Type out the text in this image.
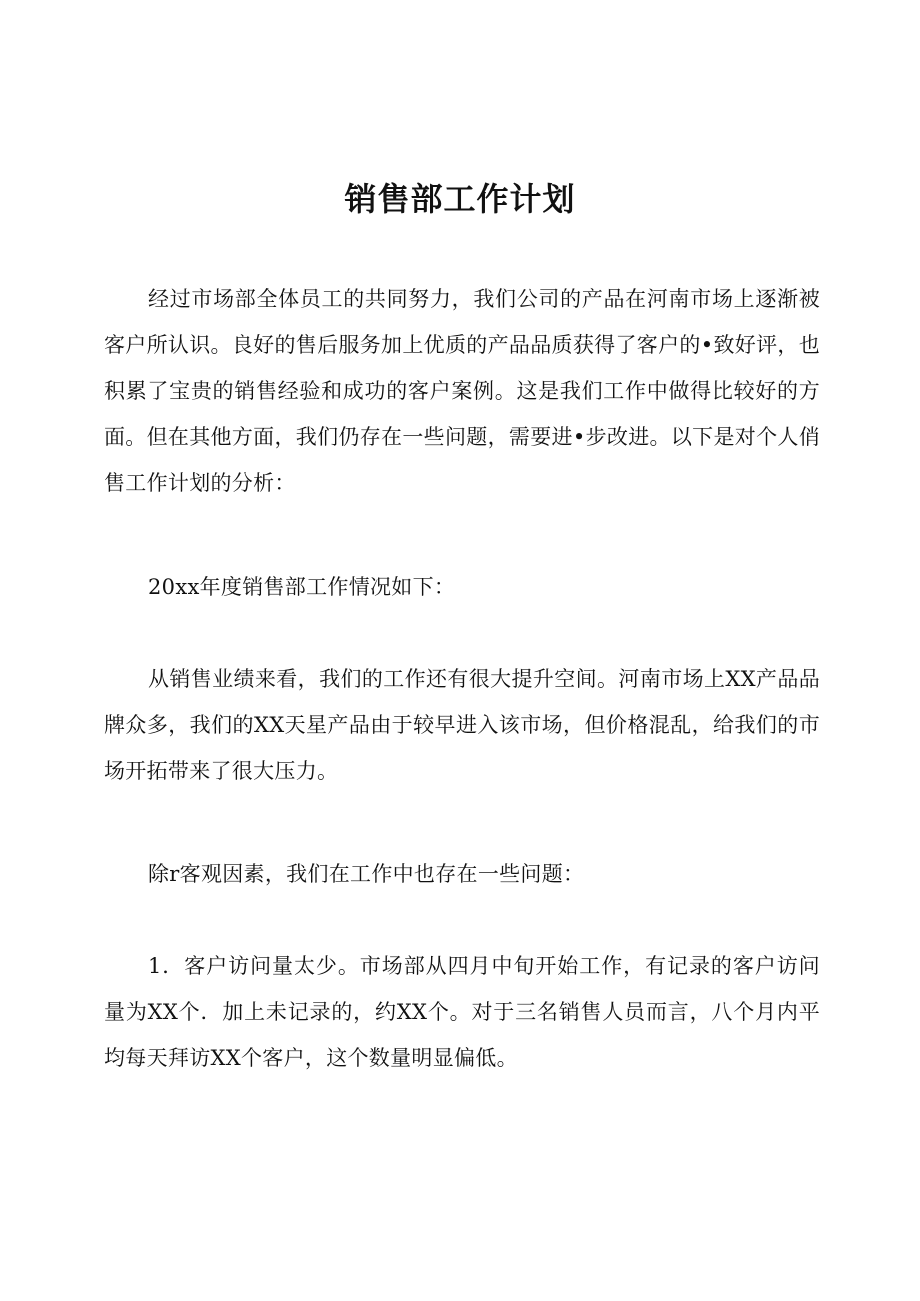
销售部工作计划

经过市场部全体员工的共同努力，我们公司的产品在河南市场上逐渐被客户所认识。良好的售后服务加上优质的产品品质获得了客户的•致好评，也积累了宝贵的销售经验和成功的客户案例。这是我们工作中做得比较好的方面。但在其他方面，我们仍存在一些问题，需要进•步改进。以下是对个人俏售工作计划的分析：

20xx年度销售部工作情况如下：

从销售业绩来看，我们的工作还有很大提升空间。河南市场上XX产品品牌众多，我们的XX天星产品由于较早进入该市场，但价格混乱，给我们的市场开拓带来了很大压力。

除r客观因素，我们在工作中也存在一些问题：

1．客户访问量太少。市场部从四月中旬开始工作，有记录的客户访问量为XX个．加上未记录的，约XX个。对于三名销售人员而言，八个月内平均每天拜访XX个客户，这个数量明显偏低。
